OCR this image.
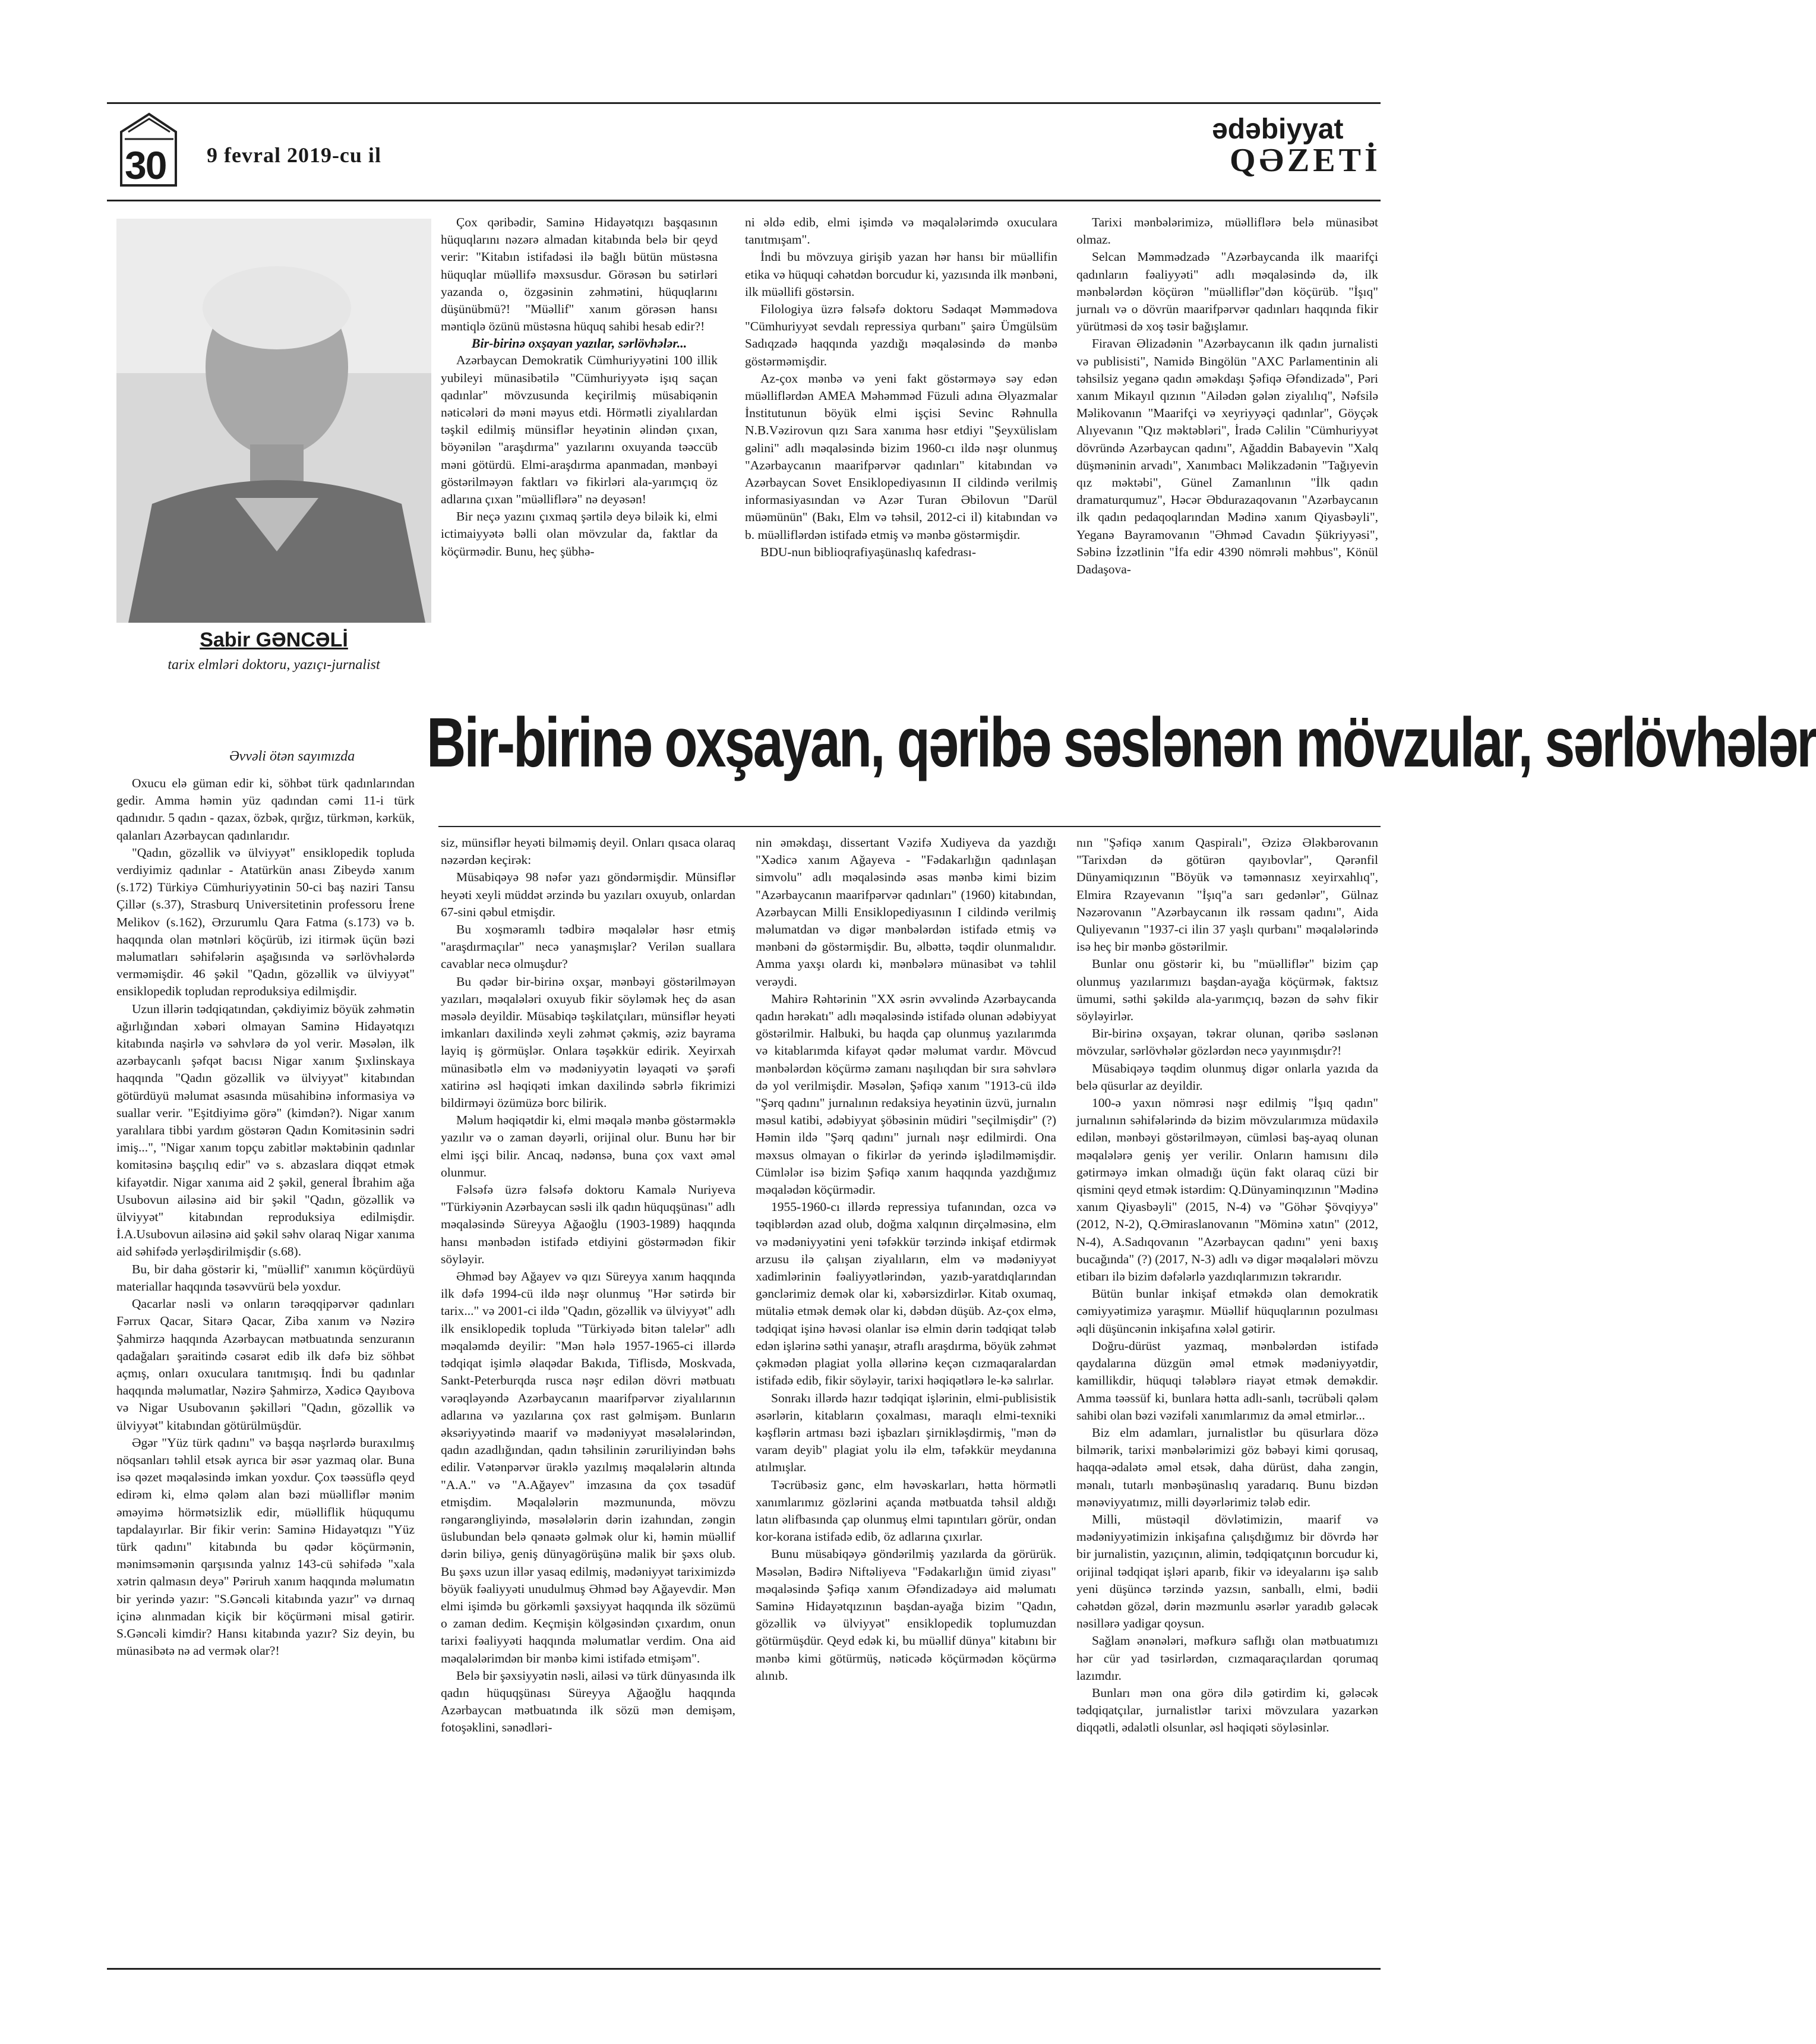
30 9 fevral 2019-cu il
ədəbiyyat
QƏZETİ
Sabir GƏNCƏLİ
tarix elmləri doktoru, yazıçı-jurnalist

Çox qəribədir, Saminə Hidayətqızı başqasının hüquqlarını nəzərə almadan kitabında belə bir qeyd verir: "Kitabın istifadəsi ilə bağlı bütün müstəsna hüquqlar müəllifə məxsusdur. Görəsən bu sətirləri yazanda o, özgəsinin zəhmətini, hüquqlarını düşünübmü?! "Müəllif" xanım görəsən hansı məntiqlə özünü müstəsna hüquq sahibi hesab edir?!

Bir-birinə oxşayan yazılar, sərlövhələr...

Azərbaycan Demokratik Cümhuriyyətini 100 illik yubileyi münasibətilə "Cümhuriyyətə işıq saçan qadınlar" mövzusunda keçirilmiş müsabiqənin nəticələri də məni məyus etdi. Hörmətli ziyalılardan təşkil edilmiş münsiflər heyətinin əlindən çıxan, böyənilən "araşdırma" yazılarını oxuyanda təəccüb məni götürdü. Elmi-araşdırma apanmadan, mənbəyi göstərilməyən faktları və fikirləri ala-yarımçıq öz adlarına çıxan "müəlliflərə" nə deyəsən!

Bir neçə yazını çıxmaq şərtilə deyə biləik ki, elmi ictimaiyyətə bəlli olan mövzular da, faktlar da köçürmədir. Bunu, heç şübhə-

ni əldə edib, elmi işimdə və məqalələrimdə oxuculara tanıtmışam".

İndi bu mövzuya girişib yazan hər hansı bir müəllifin etika və hüquqi cəhətdən borcudur ki, yazısında ilk mənbəni, ilk müəllifi göstərsin.

Filologiya üzrə fəlsəfə doktoru Sədaqət Məmmədova "Cümhuriyyət sevdalı repressiya qurbanı" şairə Ümgülsüm Sadıqzadə haqqında yazdığı məqaləsində də mənbə göstərməmişdir.

Az-çox mənbə və yeni fakt göstərməyə səy edən müəlliflərdən AMEA Məhəmməd Füzuli adına Əlyazmalar İnstitutunun böyük elmi işçisi Sevinc Rəhnulla N.B.Vəzirovun qızı Sara xanıma həsr etdiyi "Şeyxülislam gəlini" adlı məqaləsində bizim 1960-cı ildə nəşr olunmuş "Azərbaycanın maarifpərvər qadınları" kitabından və Azərbaycan Sovet Ensiklopediyasının II cildində verilmiş informasiyasından və Azər Turan Əbilovun "Darül müəmünün" (Bakı, Elm və təhsil, 2012-ci il) kitabından və b. müəlliflərdən istifadə etmiş və mənbə göstərmişdir.

BDU-nun biblioqrafiyaşünaslıq kafedrası-

Tarixi mənbələrimizə, müəlliflərə belə münasibət olmaz.

Selcan Məmmədzadə "Azərbaycanda ilk maarifçi qadınların fəaliyyəti" adlı məqaləsində də, ilk mənbələrdən köçürən "müəlliflər"dən köçürüb. "İşıq" jurnalı və o dövrün maarifpərvər qadınları haqqında fikir yürütməsi də xoş təsir bağışlamır.

Firavan Əlizadənin "Azərbaycanın ilk qadın jurnalisti və publisisti", Namidə Bingölün "AXC Parlamentinin ali təhsilsiz yeganə qadın əməkdaşı Şəfiqə Əfəndizadə", Pəri xanım Mikayıl qızının "Ailədən gələn ziyalılıq", Nəfsilə Məlikovanın "Maarifçi və xeyriyyəçi qadınlar", Göyçək Alıyevanın "Qız məktəbləri", İradə Cəlilin "Cümhuriyyət dövründə Azərbaycan qadını", Ağaddin Babayevin "Xalq düşməninin arvadı", Xanımbacı Məlikzadənin "Tağıyevin qız məktəbi", Günel Zamanlının "İlk qadın dramaturqumuz", Həcər Əbdurazaqovanın "Azərbaycanın ilk qadın pedaqoqlarından Mədinə xanım Qiyasbəyli", Yeganə Bayramovanın "Əhməd Cavadın Şükriyyəsi", Səbinə İzzətlinin "İfa edir 4390 nömrəli məhbus", Könül Dadaşova-

Bir-birinə oxşayan, qəribə səslənən mövzular, sərlövhələr
Əvvəli ötən sayımızda

Oxucu elə güman edir ki, söhbət türk qadınlarından gedir. Amma həmin yüz qadından cəmi 11-i türk qadınıdır. 5 qadın - qazax, özbək, qırğız, türkmən, kərkük, qalanları Azərbaycan qadınlarıdır.

"Qadın, gözəllik və ülviyyət" ensiklopedik topluda verdiyimiz qadınlar - Atatürkün anası Zibeydə xanım (s.172) Türkiyə Cümhuriyyətinin 50-ci baş naziri Tansu Çillər (s.37), Strasburq Universitetinin professoru İrene Melikov (s.162), Ərzurumlu Qara Fatma (s.173) və b. haqqında olan mətnləri köçürüb, izi itirmək üçün bəzi məlumatları səhifələrin aşağısında və sərlövhələrdə verməmişdir. 46 şəkil "Qadın, gözəllik və ülviyyət" ensiklopedik topludan reproduksiya edilmişdir.

Uzun illərin tədqiqatından, çəkdiyimiz böyük zəhmətin ağırlığından xəbəri olmayan Saminə Hidayətqızı kitabında naşirlə və səhvlərə də yol verir. Məsələn, ilk azərbaycanlı şəfqət bacısı Nigar xanım Şıxlinskaya haqqında "Qadın gözəllik və ülviyyət" kitabından götürdüyü məlumat əsasında müsahibinə informasiya və suallar verir. "Eşitdiyimə görə" (kimdən?). Nigar xanım yaralılara tibbi yardım göstərən Qadın Komitəsinin sədri imiş...", "Nigar xanım topçu zabitlər məktəbinin qadınlar komitəsinə başçılıq edir" və s. abzaslara diqqət etmək kifayətdir. Nigar xanıma aid 2 şəkil, general İbrahim ağa Usubovun ailəsinə aid bir şəkil "Qadın, gözəllik və ülviyyət" kitabından reproduksiya edilmişdir. İ.A.Usubovun ailəsinə aid şəkil səhv olaraq Nigar xanıma aid səhifədə yerləşdirilmişdir (s.68).

Bu, bir daha göstərir ki, "müəllif" xanımın köçürdüyü materiallar haqqında təsəvvürü belə yoxdur.

Qacarlar nəsli və onların tərəqqipərvər qadınları Fərrux Qacar, Sitarə Qacar, Ziba xanım və Nəzirə Şahmirzə haqqında Azərbaycan mətbuatında senzuranın qadağaları şəraitində cəsarət edib ilk dəfə biz söhbət açmış, onları oxuculara tanıtmışıq. İndi bu qadınlar haqqında məlumatlar, Nəzirə Şahmirzə, Xədicə Qayıbova və Nigar Usubovanın şəkilləri "Qadın, gözəllik və ülviyyət" kitabından götürülmüşdür.

Əgər "Yüz türk qadını" və başqa nəşrlərdə buraxılmış nöqsanları təhlil etsək ayrıca bir əsər yazmaq olar. Buna isə qəzet məqaləsində imkan yoxdur. Çox təəssüflə qeyd edirəm ki, elmə qələm alan bəzi müəlliflər mənim əməyimə hörmətsizlik edir, müəlliflik hüququmu tapdalayırlar. Bir fikir verin: Saminə Hidayətqızı "Yüz türk qadını" kitabında bu qədər köçürmənin, mənimsəmənin qarşısında yalnız 143-cü səhifədə "xala xətrin qalmasın deyə" Pəriruh xanım haqqında məlumatın bir yerində yazır: "S.Gəncəli kitabında yazır" və dırnaq içinə alınmadan kiçik bir köçürməni misal gətirir. S.Gəncəli kimdir? Hansı kitabında yazır? Siz deyin, bu münasibətə nə ad vermək olar?!

siz, münsiflər heyəti bilməmiş deyil. Onları qısaca olaraq nəzərdən keçirək:

Müsabiqəyə 98 nəfər yazı göndərmişdir. Münsiflər heyəti xeyli müddət ərzində bu yazıları oxuyub, onlardan 67-sini qəbul etmişdir.

Bu xoşməramlı tədbirə məqalələr həsr etmiş "araşdırmaçılar" necə yanaşmışlar? Verilən suallara cavablar necə olmuşdur?

Bu qədər bir-birinə oxşar, mənbəyi göstərilməyən yazıları, məqalələri oxuyub fikir söyləmək heç də asan məsələ deyildir. Müsabiqə təşkilatçıları, münsiflər heyəti imkanları daxilində xeyli zəhmət çəkmiş, əziz bayrama layiq iş görmüşlər. Onlara təşəkkür edirik. Xeyirxah münasibətlə elm və mədəniyyətin ləyaqəti və şərəfi xatirinə əsl həqiqəti imkan daxilində səbrlə fikrimizi bildirməyi özümüzə borc bilirik.

Məlum həqiqətdir ki, elmi məqalə mənbə göstərməklə yazılır və o zaman dəyərli, orijinal olur. Bunu hər bir elmi işçi bilir. Ancaq, nədənsə, buna çox vaxt əməl olunmur.

Fəlsəfə üzrə fəlsəfə doktoru Kamalə Nuriyeva "Türkiyənin Azərbaycan səsli ilk qadın hüquqşünası" adlı məqaləsində Süreyya Ağaoğlu (1903-1989) haqqında hansı mənbədən istifadə etdiyini göstərmədən fikir söyləyir.

Əhməd bəy Ağayev və qızı Süreyya xanım haqqında ilk dəfə 1994-cü ildə nəşr olunmuş "Hər sətirdə bir tarix..." və 2001-ci ildə "Qadın, gözəllik və ülviyyət" adlı ilk ensiklopedik topluda "Türkiyədə bitən talelər" adlı məqaləmdə deyilir: "Mən hələ 1957-1965-ci illərdə tədqiqat işimlə əlaqədar Bakıda, Tiflisdə, Moskvada, Sankt-Peterburqda rusca nəşr edilən dövri mətbuatı vərəqləyəndə Azərbaycanın maarifpərvər ziyalılarının adlarına və yazılarına çox rast gəlmişəm. Bunların əksəriyyətində maarif və mədəniyyət məsələlərindən, qadın azadlığından, qadın təhsilinin zəruriliyindən bəhs edilir. Vətənpərvər ürəklə yazılmış məqalələrin altında "A.A." və "A.Ağayev" imzasına da çox təsadüf etmişdim. Məqalələrin məzmununda, mövzu rəngarəngliyində, məsələlərin dərin izahından, zəngin üslubundan belə qənaətə gəlmək olur ki, həmin müəllif dərin biliyə, geniş dünyagörüşünə malik bir şəxs olub. Bu şəxs uzun illər yasaq edilmiş, mədəniyyət tariximizdə böyük fəaliyyəti unudulmuş Əhməd bəy Ağayevdir. Mən elmi işimdə bu görkəmli şəxsiyyət haqqında ilk sözümü o zaman dedim. Keçmişin kölgəsindən çıxardım, onun tarixi fəaliyyəti haqqında məlumatlar verdim. Ona aid məqalələrimdən bir mənbə kimi istifadə etmişəm".

Belə bir şəxsiyyətin nəsli, ailəsi və türk dünyasında ilk qadın hüquqşünası Süreyya Ağaoğlu haqqında Azərbaycan mətbuatında ilk sözü mən demişəm, fotoşəklini, sənədləri-

nin əməkdaşı, dissertant Vəzifə Xudiyeva da yazdığı "Xədicə xanım Ağayeva - "Fədakarlığın qadınlaşan simvolu" adlı məqaləsində əsas mənbə kimi bizim "Azərbaycanın maarifpərvər qadınları" (1960) kitabından, Azərbaycan Milli Ensiklopediyasının I cildində verilmiş məlumatdan və digər mənbələrdən istifadə etmiş və mənbəni də göstərmişdir. Bu, əlbəttə, təqdir olunmalıdır. Amma yaxşı olardı ki, mənbələrə münasibət və təhlil verəydi.

Mahirə Rəhtərinin "XX əsrin əvvəlində Azərbaycanda qadın hərəkatı" adlı məqaləsində istifadə olunan ədəbiyyat göstərilmir. Halbuki, bu haqda çap olunmuş yazılarımda və kitablarımda kifayət qədər məlumat vardır. Mövcud mənbələrdən köçürmə zamanı naşılıqdan bir sıra səhvlərə də yol verilmişdir. Məsələn, Şəfiqə xanım "1913-cü ildə "Şərq qadını" jurnalının redaksiya heyətinin üzvü, jurnalın məsul katibi, ədəbiyyat şöbəsinin müdiri "seçilmişdir" (?) Həmin ildə "Şərq qadını" jurnalı nəşr edilmirdi. Ona məxsus olmayan o fikirlər də yerində işlədilməmişdir. Cümlələr isə bizim Şəfiqə xanım haqqında yazdığımız məqalədən köçürmədir.

1955-1960-cı illərdə repressiya tufanından, ozca və təqiblərdən azad olub, doğma xalqının dirçəlməsinə, elm və mədəniyyətini yeni təfəkkür tərzində inkişaf etdirmək arzusu ilə çalışan ziyalıların, elm və mədəniyyət xadimlərinin fəaliyyətlərindən, yazıb-yaratdıqlarından gənclərimiz demək olar ki, xəbərsizdirlər. Kitab oxumaq, mütaliə etmək demək olar ki, dəbdən düşüb. Az-çox elmə, tədqiqat işinə həvəsi olanlar isə elmin dərin tədqiqat tələb edən işlərinə səthi yanaşır, ətraflı araşdırma, böyük zəhmət çəkmədən plagiat yolla əllərinə keçən cızmaqaralardan istifadə edib, fikir söyləyir, tarixi həqiqətlərə le-kə salırlar.

Sonrakı illərdə hazır tədqiqat işlərinin, elmi-publisistik əsərlərin, kitabların çoxalması, maraqlı elmi-texniki kəşflərin artması bəzi işbazları şirnikləşdirmiş, "mən də varam deyib" plagiat yolu ilə elm, təfəkkür meydanına atılmışlar.

Təcrübəsiz gənc, elm həvəskarları, hətta hörmətli xanımlarımız gözlərini açanda mətbuatda təhsil aldığı latın əlifbasında çap olunmuş elmi tapıntıları görür, ondan kor-korana istifadə edib, öz adlarına çıxırlar.

Bunu müsabiqəyə göndərilmiş yazılarda da görürük. Məsələn, Bədirə Niftəliyeva "Fədakarlığın ümid ziyası" məqaləsində Şəfiqə xanım Əfəndizadəyə aid məlumatı Saminə Hidayətqızının başdan-ayağa bizim "Qadın, gözəllik və ülviyyət" ensiklopedik toplumuzdan götürmüşdür. Qeyd edək ki, bu müəllif dünya" kitabını bir mənbə kimi götürmüş, nəticədə köçürmədən köçürmə alınıb.

nın "Şəfiqə xanım Qaspiralı", Əzizə Ələkbərovanın "Tarixdən də götürən qayıbovlar", Qərənfil Dünyamiqızının "Böyük və təmənnasız xeyirxahlıq", Elmira Rzayevanın "İşıq"a sarı gedənlər", Gülnaz Nəzərovanın "Azərbaycanın ilk rəssam qadını", Aida Quliyevanın "1937-ci ilin 37 yaşlı qurbanı" məqalələrində isə heç bir mənbə göstərilmir.

Bunlar onu göstərir ki, bu "müəlliflər" bizim çap olunmuş yazılarımızı başdan-ayağa köçürmək, faktsız ümumi, səthi şəkildə ala-yarımçıq, bəzən də səhv fikir söyləyirlər.

Bir-birinə oxşayan, təkrar olunan, qəribə səslənən mövzular, sərlövhələr gözlərdən necə yayınmışdır?!

Müsabiqəyə təqdim olunmuş digər onlarla yazıda da belə qüsurlar az deyildir.

100-ə yaxın nömrəsi nəşr edilmiş "İşıq qadın" jurnalının səhifələrində də bizim mövzularımıza müdaxilə edilən, mənbəyi göstərilməyən, cümləsi baş-ayaq olunan məqalələrə geniş yer verilir. Onların hamısını dilə gətirməyə imkan olmadığı üçün fakt olaraq cüzi bir qismini qeyd etmək istərdim: Q.Dünyaminqızının "Mədinə xanım Qiyasbəyli" (2015, N-4) və "Göhər Şövqiyyə" (2012, N-2), Q.Əmiraslanovanın "Möminə xatın" (2012, N-4), A.Sadıqovanın "Azərbaycan qadını" yeni baxış bucağında" (?) (2017, N-3) adlı və digər məqalələri mövzu etibarı ilə bizim dəfələrlə yazdıqlarımızın təkrarıdır.

Bütün bunlar inkişaf etməkdə olan demokratik cəmiyyətimizə yaraşmır. Müəllif hüquqlarının pozulması əqli düşüncənin inkişafına xələl gətirir.

Doğru-dürüst yazmaq, mənbələrdən istifadə qaydalarına düzgün əməl etmək mədəniyyətdir, kamillikdir, hüquqi tələblərə riayət etmək deməkdir. Amma təəssüf ki, bunlara hətta adlı-sanlı, təcrübəli qələm sahibi olan bəzi vəzifəli xanımlarımız da əməl etmirlər...

Biz elm adamları, jurnalistlər bu qüsurlara dözə bilmərik, tarixi mənbələrimizi göz bəbəyi kimi qorusaq, haqqa-ədalətə əməl etsək, daha dürüst, daha zəngin, mənalı, tutarlı mənbəşünaslıq yaradarıq. Bunu bizdən mənəviyyatımız, milli dəyərlərimiz tələb edir.

Milli, müstəqil dövlətimizin, maarif və mədəniyyətimizin inkişafına çalışdığımız bir dövrdə hər bir jurnalistin, yazıçının, alimin, tədqiqatçının borcudur ki, orijinal tədqiqat işləri aparıb, fikir və ideyalarını işə salıb yeni düşüncə tərzində yazsın, sanballı, elmi, bədii cəhətdən gözəl, dərin məzmunlu əsərlər yaradıb gələcək nəsillərə yadigar qoysun.

Sağlam ənənələri, məfkurə saflığı olan mətbuatımızı hər cür yad təsirlərdən, cızmaqaraçılardan qorumaq lazımdır.

Bunları mən ona görə dilə gətirdim ki, gələcək tədqiqatçılar, jurnalistlər tarixi mövzulara yazarkən diqqətli, ədalətli olsunlar, əsl həqiqəti söyləsinlər.
